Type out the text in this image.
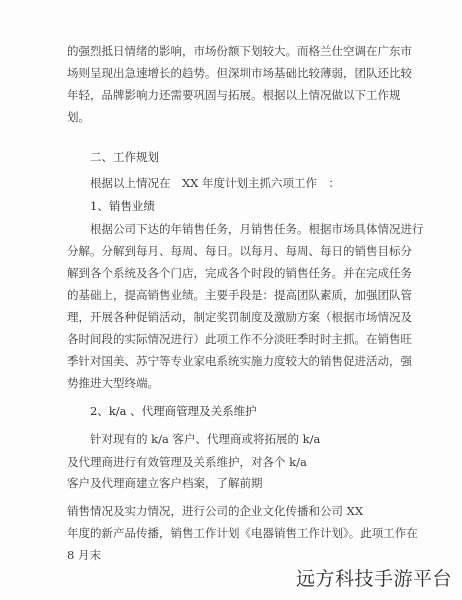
的强烈抵日情绪的影响，市场份额下划较大。而格兰仕空调在广东市
场则呈现出急速增长的趋势。但深圳市场基础比较薄弱，团队还比较
年轻，品牌影响力还需要巩固与拓展。根据以上情况做以下工作规
划。
二、工作规划
根据以上情况在　XX 年度计划主抓六项工作　：
1、销售业绩
根据公司下达的年销售任务，月销售任务。根据市场具体情况进行
分解。分解到每月、每周、每日。以每月、每周、每日的销售目标分
解到各个系统及各个门店，完成各个时段的销售任务。并在完成任务
的基础上，提高销售业绩。主要手段是：提高团队素质，加强团队管
理，开展各种促销活动，制定奖罚制度及激励方案（根据市场情况及
各时间段的实际情况进行）此项工作不分淡旺季时时主抓。在销售旺
季针对国美、苏宁等专业家电系统实施力度较大的销售促进活动，强
势推进大型终端。
2、k/a 、代理商管理及关系维护
针对现有的 k/a 客户、代理商或将拓展的 k/a
及代理商进行有效管理及关系维护，对各个 k/a
客户及代理商建立客户档案，了解前期
销售情况及实力情况，进行公司的企业文化传播和公司 XX
年度的新产品传播，销售工作计划《电器销售工作计划》。此项工作在
8 月末
远方科技手游平台
